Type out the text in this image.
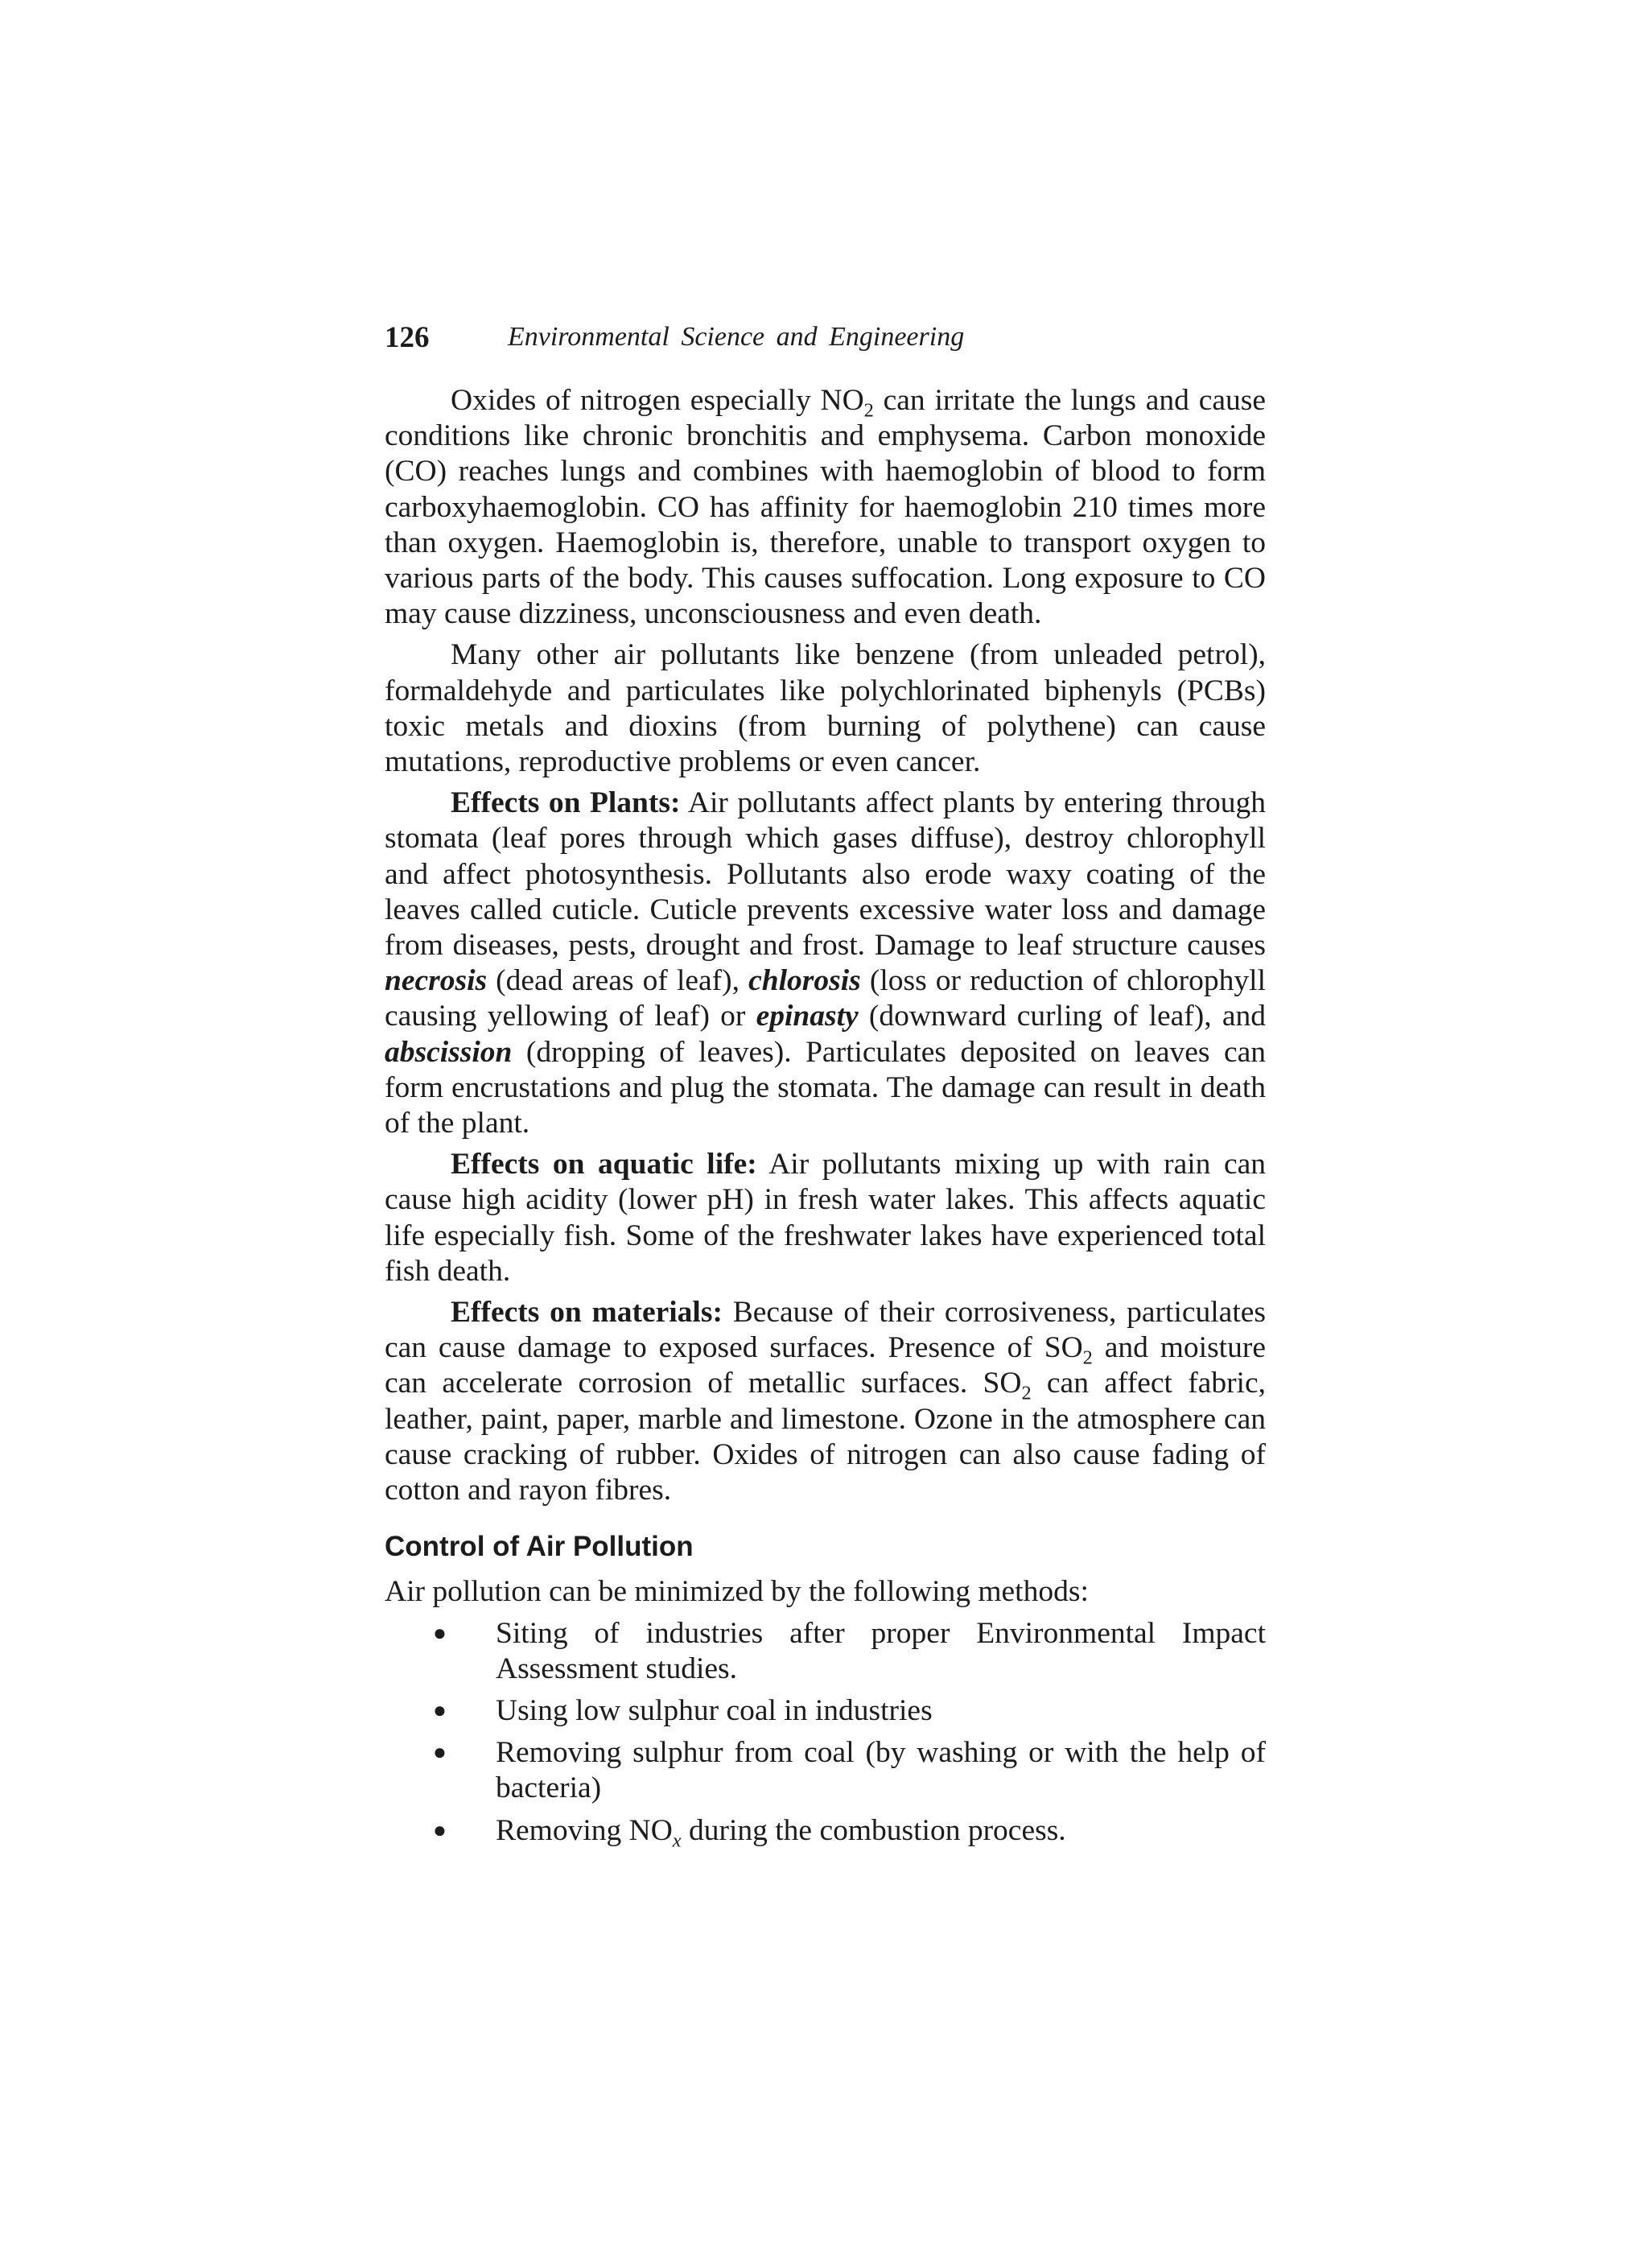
126	Environmental Science and Engineering

Oxides of nitrogen especially $NO_2$ can irritate the lungs and cause conditions like chronic bronchitis and emphysema. Carbon monoxide (CO) reaches lungs and combines with haemoglobin of blood to form carboxyhaemoglobin. CO has affinity for haemoglobin 210 times more than oxygen. Haemoglobin is, therefore, unable to transport oxygen to various parts of the body. This causes suffocation. Long exposure to CO may cause dizziness, unconsciousness and even death.

Many other air pollutants like benzene (from unleaded petrol), formaldehyde and particulates like polychlorinated biphenyls (PCBs) toxic metals and dioxins (from burning of polythene) can cause mutations, reproductive problems or even cancer.

Effects on Plants: Air pollutants affect plants by entering through stomata (leaf pores through which gases diffuse), destroy chlorophyll and affect photosynthesis. Pollutants also erode waxy coating of the leaves called cuticle. Cuticle prevents excessive water loss and damage from diseases, pests, drought and frost. Damage to leaf structure causes necrosis (dead areas of leaf), chlorosis (loss or reduction of chlorophyll causing yellowing of leaf) or epinasty (downward curling of leaf), and abscission (dropping of leaves). Particulates deposited on leaves can form encrustations and plug the stomata. The damage can result in death of the plant.

Effects on aquatic life: Air pollutants mixing up with rain can cause high acidity (lower pH) in fresh water lakes. This affects aquatic life especially fish. Some of the freshwater lakes have experienced total fish death.

Effects on materials: Because of their corrosiveness, particulates can cause damage to exposed surfaces. Presence of $SO_2$ and moisture can accelerate corrosion of metallic surfaces. $SO_2$ can affect fabric, leather, paint, paper, marble and limestone. Ozone in the atmosphere can cause cracking of rubber. Oxides of nitrogen can also cause fading of cotton and rayon fibres.

Control of Air Pollution

Air pollution can be minimized by the following methods:

● Siting of industries after proper Environmental Impact Assessment studies.
● Using low sulphur coal in industries
● Removing sulphur from coal (by washing or with the help of bacteria)
● Removing $NO_x$ during the combustion process.
